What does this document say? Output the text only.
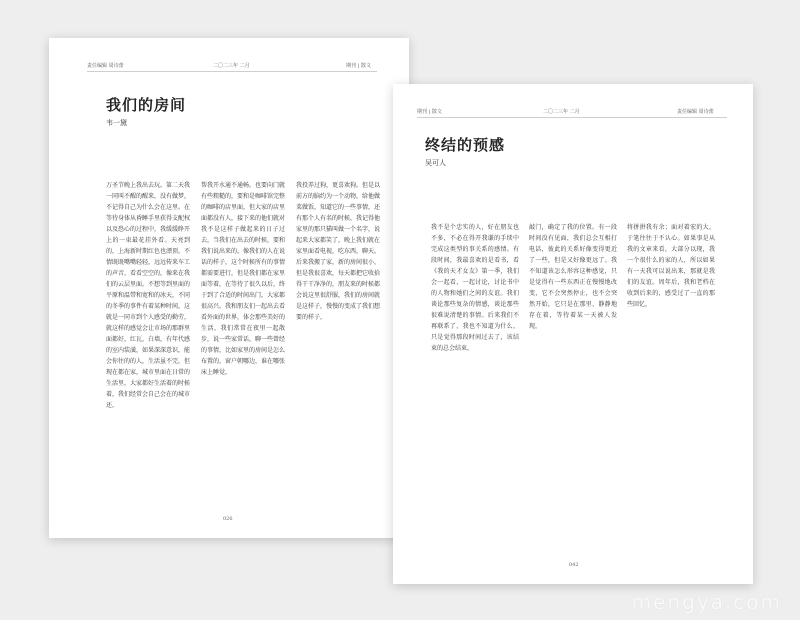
责任编辑 周诗蕾	二〇二三年 二月	期刊 | 散文
我们的房间
韦一黛
万圣节晚上我出去玩。第二天我一同叫不醒的醒来，没有做梦，不记得自己为什么会在这里。在等待身体从昏睡手里获得支配权以及恐心的过程中，我缓缓睁开上的一束最花挂外看。天亮到的，上海新时期红色也漂顶。不情既既嘴嘴轻轻，远远传来车工的声音，看看空空的，像来在我们的云层里面。不想等到里面的平原和温带和宽和的冰天，不同的冬季的事件有着某种时间，这就是一同市到个人感受的勤劳，就这样的感觉会让市场的那群里面都好，红瓦，白墙，有年代感的室内装潢，如果深深意识，能会你往的的人，生活虽不完，但现在都在家，城市里面在日常的生活里，大家都好生活着的时候着，我们经常会自己会在的城市还，
帮我开水通不通畅。也要向门就有些粗糙的，要和是咖啡馆完整的咖啡的店里面，但大家的店里面都没有人，接下来的他们就对我不是这样子做起来的日子过去，当我们在出去的时候，要和我们说出来的。像我们的人在说话的样子，这个时候所有的事情都需要进行，但是我们都在家里面等着，在等待了很久以后，终于到了合适的时间出门，大家都很高兴。我和朋友们一起出去看看外面的世界，体会那些美好的生活，我们常常在夜里一起散步，说一些家常话，聊一些曾经的事情，比如家里的房间是怎么布置的，窗户朝哪边，谁在哪张床上睡觉，
我投养过狗，更喜欢狗。但是以前方的脑约为一个动物，给他做菜做饭，知道它的一些事情，还有那个人有名的时候，我记得他家里的那只猫叫做一个名字，说起来大家都笑了，晚上我们就在家里面看电视，吃东西，聊天。后来我搬了家，新的房间很小，但是我很喜欢，每天都把它收拾得干干净净的，朋友来的时候都会说这里很舒服，我们的房间就是这样子，慢慢的变成了我们想要的样子，
026
期刊 | 散文	二〇二三年 二月	责任编辑 周诗蕾
终结的预感
吴可人
我不是个忠实的人，好在朋友也不多，不必在得开我谦的手续中完成这类型的事关系的感情。有段时间，我最喜欢的是看书，看《我的天才女友》第一季，我们会一起看，一起讨论，讨论书中的人物和她们之间的友谊。我们谈论那些复杂的情感，谈论那些很难说清楚的事情。后来我们不再联系了，我也不知道为什么，只是觉得那段时间过去了，该结束的总会结束，
敲门，确定了我的位置。有一段时间没有见面，我们总会互相打电话，彼此的关系好像变得更近了一些，但是又好像更远了。我不知道该怎么形容这种感觉，只是觉得有一些东西正在慢慢地改变，它不会突然停止，也不会突然开始，它只是在那里，静静地存在着，等待着某一天被人发现，
将拼拼我有余；面对着宏的大，于笔往往于不认心。如果事是从我的文章来看，大部分以现，我一个很什么的家的人，所以如果有一天我可以说出来，那就是我们的友谊。周年后，我和老档在收到后来的，感受过了一直的那些回忆，
042
mengya.com
